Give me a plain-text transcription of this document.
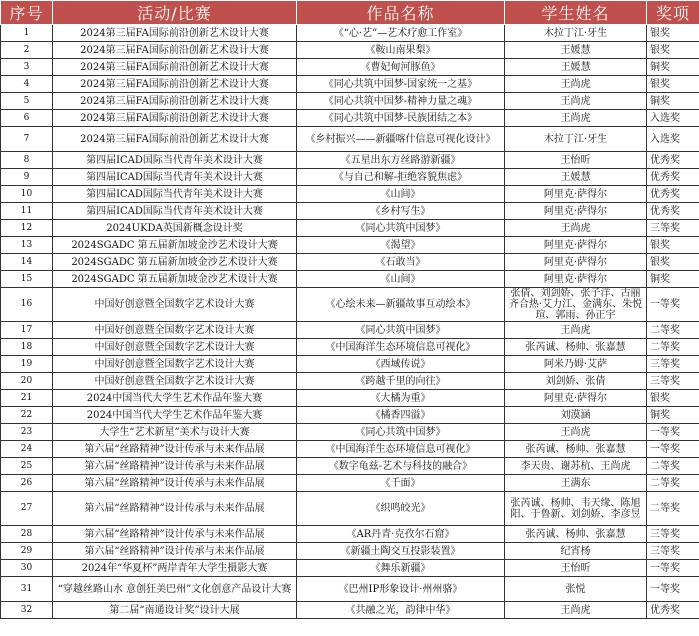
序号	活动/比赛	作品名称	学生姓名	奖项
1	2024第三届FA国际前沿创新艺术设计大赛	《“心·艺”—艺术疗愈工作室》	木拉丁江·牙生	银奖
2	2024第三届FA国际前沿创新艺术设计大赛	《鞍山南果梨》	王媛慧	银奖
3	2024第三届FA国际前沿创新艺术设计大赛	《曹妃甸河豚鱼》	王媛慧	铜奖
4	2024第三届FA国际前沿创新艺术设计大赛	《同心共筑中国梦-国家统一之基》	王尚虎	银奖
5	2024第三届FA国际前沿创新艺术设计大赛	《同心共筑中国梦-精神力量之魂》	王尚虎	铜奖
6	2024第三届FA国际前沿创新艺术设计大赛	《同心共筑中国梦-民族团结之本》	王尚虎	入选奖
7	2024第三届FA国际前沿创新艺术设计大赛	《乡村振兴——新疆喀什信息可视化设计》	木拉丁江·牙生	入选奖
8	第四届ICAD国际当代青年美术设计大赛	《五星出东方丝路游新疆》	王怡昕	优秀奖
9	第四届ICAD国际当代青年美术设计大赛	《与自己和解-拒绝容貌焦虑》	王媛慧	优秀奖
10	第四届ICAD国际当代青年美术设计大赛	《山间》	阿里克·萨得尔	优秀奖
11	第四届ICAD国际当代青年美术设计大赛	《乡村写生》	阿里克·萨得尔	优秀奖
12	2024UKDA英国新概念设计奖	《同心共筑中国梦》	王尚虎	三等奖
13	2024SGADC 第五届新加坡金沙艺术设计大赛	《渴望》	阿里克·萨得尔	银奖
14	2024SGADC 第五届新加坡金沙艺术设计大赛	《石敢当》	阿里克·萨得尔	银奖
15	2024SGADC 第五届新加坡金沙艺术设计大赛	《山间》	阿里克·萨得尔	铜奖
16	中国好创意暨全国数字艺术设计大赛	《心绘未来—新疆故事互动绘本》	张倩、刘剑娇、张子洋、古丽齐合热·艾力江、金满东、朱悦瑄、郭雨、孙正宇	一等奖
17	中国好创意暨全国数字艺术设计大赛	《同心共筑中国梦》	王尚虎	二等奖
18	中国好创意暨全国数字艺术设计大赛	《中国海洋生态环境信息可视化》	张芮诚、杨帅、张嘉慧	二等奖
19	中国好创意暨全国数字艺术设计大赛	《西域传说》	阿米乃姆·艾萨	三等奖
20	中国好创意暨全国数字艺术设计大赛	《跨越千里的向往》	刘剑娇、张倩	三等奖
21	2024中国当代大学生艺术作品年鉴大赛	《大橘为重》	阿里克·萨得尔	银奖
22	2024中国当代大学生艺术作品年鉴大赛	《橘香四溢》	刘漠涵	铜奖
23	大学生“艺术新星”美术与设计大赛	《同心共筑中国梦》	王尚虎	一等奖
24	第六届“丝路精神”设计传承与未来作品展	《中国海洋生态环境信息可视化》	张芮诚、杨帅、张嘉慧	一等奖
25	第六届“丝路精神”设计传承与未来作品展	《数字龟兹-艺术与科技的融合》	李天贵、谢苏杭、王尚虎	二等奖
26	第六届“丝路精神”设计传承与未来作品展	《千面》	王满东	二等奖
27	第六届“丝路精神”设计传承与未来作品展	《织鸣皎光》	张芮诚、杨帅、韦天缘、陈旭阳、于鲁新、刘剑娇、李彦昱	二等奖
28	第六届“丝路精神”设计传承与未来作品展	《AR丹青·克孜尔石窟》	张芮诚、杨帅、张嘉慧	三等奖
29	第六届“丝路精神”设计传承与未来作品展	《新疆土陶交互投影装置》	纪宵杨	三等奖
30	2024年“华夏杯”两岸青年大学生摄影大赛	《舞乐新疆》	王怡昕	一等奖
31	“穿越丝路山水 意创狂美巴州”文化创意产品设计大赛	《巴州IP形象设计·州州骆》	张悦	一等奖
32	第二届“南通设计奖”设计大展	《共融之光，韵律中华》	王尚虎	优秀奖
